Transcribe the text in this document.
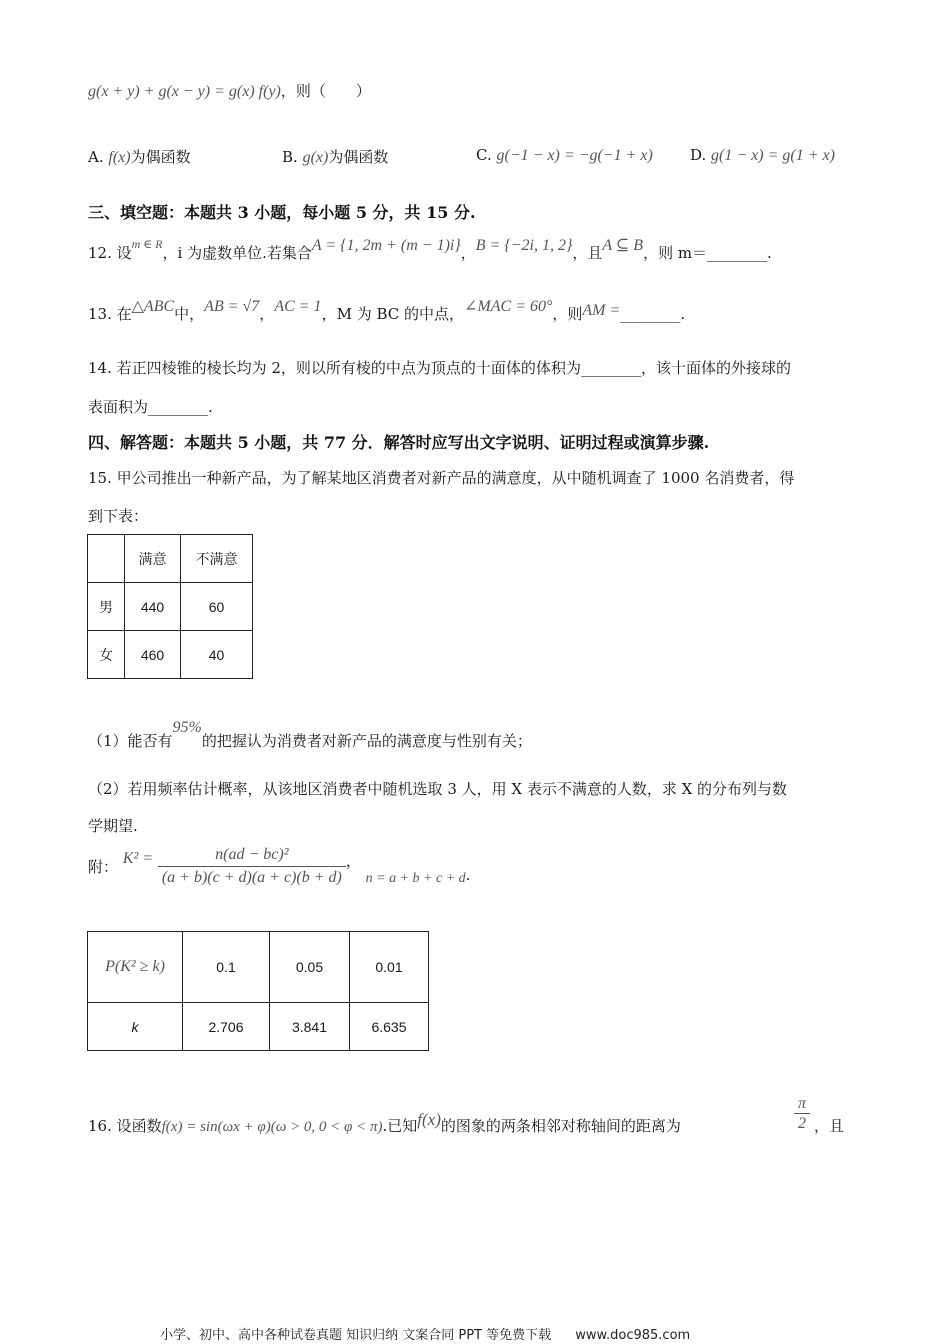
g(x + y) + g(x − y) = g(x) f(y)，则（　　）
A. f(x)为偶函数	B. g(x)为偶函数	C. g(−1 − x) = −g(−1 + x) D. g(1 − x) = g(1 + x)
三、填空题：本题共 3 小题，每小题 5 分，共 15 分.
12. 设$^{m \in R}$，i 为虚数单位.若集合A = {1, 2m + (m − 1)i}，B = {−2i, 1, 2}，且A ⊆ B，则 m＝________.
13. 在△ABC中，AB = √7，AC = 1，M 为 BC 的中点，∠MAC = 60°，则AM =________.
14. 若正四棱锥的棱长均为 2，则以所有棱的中点为顶点的十面体的体积为________，该十面体的外接球的
表面积为________.
四、解答题：本题共 5 小题，共 77 分．解答时应写出文字说明、证明过程或演算步骤.
15. 甲公司推出一种新产品，为了解某地区消费者对新产品的满意度，从中随机调查了 1000 名消费者，得
到下表：
	满意	不满意
男	440	60
女	460	40
（1）能否有95%的把握认为消费者对新产品的满意度与性别有关；
（2）若用频率估计概率，从该地区消费者中随机选取 3 人，用 X 表示不满意的人数，求 X 的分布列与数
学期望.
附： $K^2 = \frac{\text{n(ad − bc)²}}{(a + b)(c + d)(a + c)(b + d)}$ ， n = a + b + c + d.
P(K² ≥ k)	0.1	0.05	0.01
k	2.706	3.841	6.635
16. 设函数f(x) = sin(ωx + φ)(ω > 0, 0 < φ < π).已知f(x)的图象的两条相邻对称轴间的距离为	$\frac{\pi}{2}$ ，且
小学、初中、高中各种试卷真题 知识归纳 文案合同 PPT 等免费下载 www.doc985.com
